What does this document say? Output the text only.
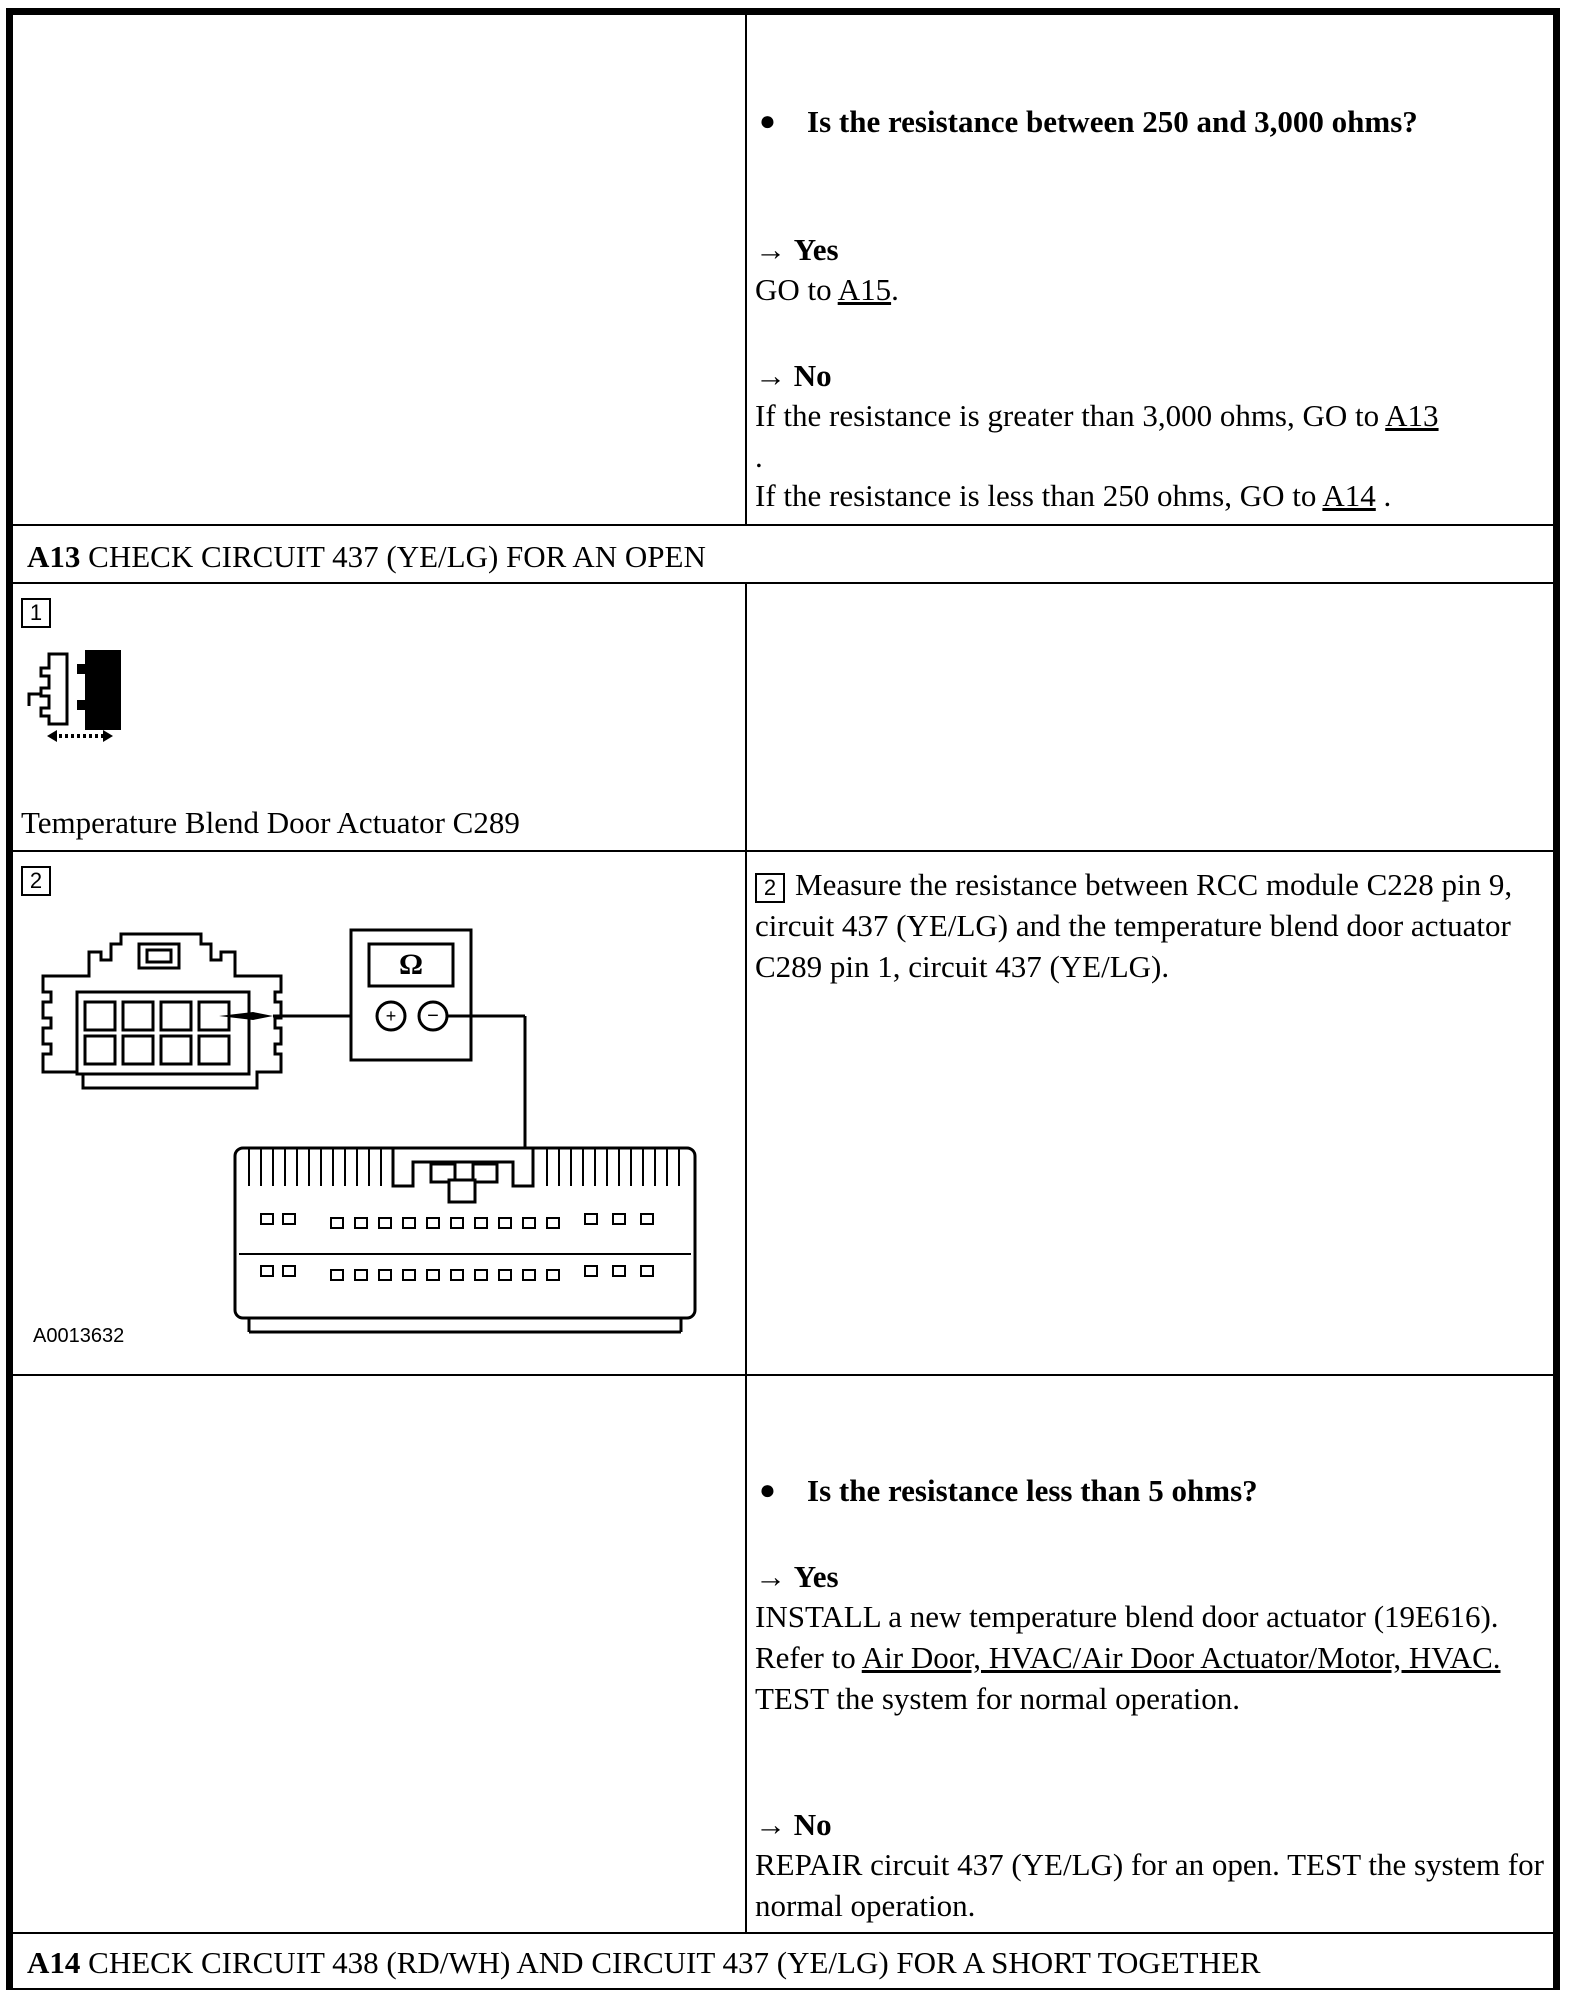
● Is the resistance between 250 and 3,000 ohms?
→ Yes
GO to A15.
→ No
If the resistance is greater than 3,000 ohms, GO to A13
.
If the resistance is less than 250 ohms, GO to A14 .
A13 CHECK CIRCUIT 437 (YE/LG) FOR AN OPEN
1
Temperature Blend Door Actuator C289
2
Ω
+	−
A0013632
2 Measure the resistance between RCC module C228 pin 9, circuit 437 (YE/LG) and the temperature blend door actuator C289 pin 1, circuit 437 (YE/LG).
● Is the resistance less than 5 ohms?
→ Yes
INSTALL a new temperature blend door actuator (19E616). Refer to Air Door, HVAC/Air Door Actuator/Motor, HVAC. TEST the system for normal operation.
→ No
REPAIR circuit 437 (YE/LG) for an open. TEST the system for normal operation.
A14 CHECK CIRCUIT 438 (RD/WH) AND CIRCUIT 437 (YE/LG) FOR A SHORT TOGETHER
